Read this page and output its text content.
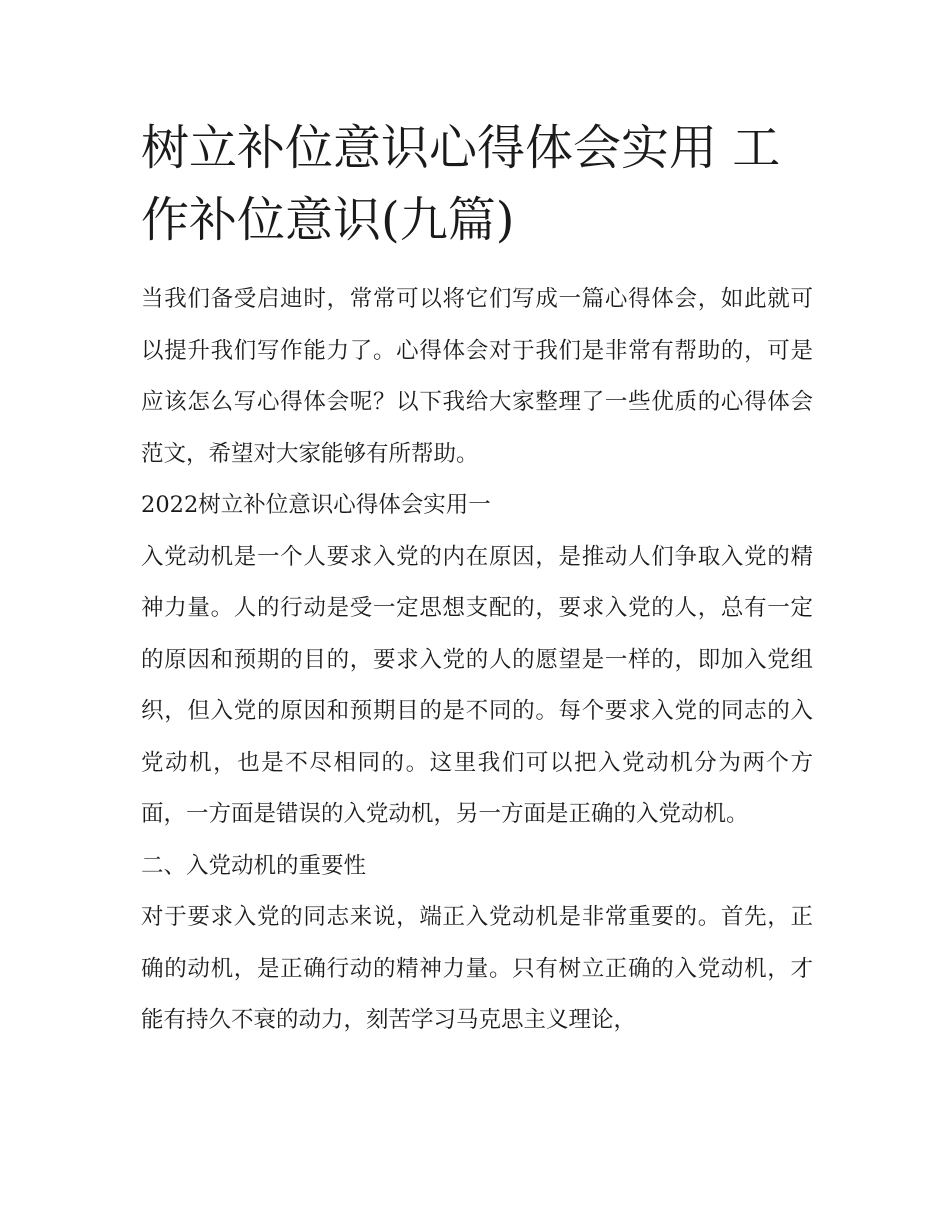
树立补位意识心得体会实用 工作补位意识(九篇)

当我们备受启迪时，常常可以将它们写成一篇心得体会，如此就可以提升我们写作能力了。心得体会对于我们是非常有帮助的，可是应该怎么写心得体会呢？以下我给大家整理了一些优质的心得体会范文，希望对大家能够有所帮助。

2022树立补位意识心得体会实用一

入党动机是一个人要求入党的内在原因，是推动人们争取入党的精神力量。人的行动是受一定思想支配的，要求入党的人，总有一定的原因和预期的目的，要求入党的人的愿望是一样的，即加入党组织，但入党的原因和预期目的是不同的。每个要求入党的同志的入党动机，也是不尽相同的。这里我们可以把入党动机分为两个方面，一方面是错误的入党动机，另一方面是正确的入党动机。

二、入党动机的重要性

对于要求入党的同志来说，端正入党动机是非常重要的。首先，正确的动机，是正确行动的精神力量。只有树立正确的入党动机，才能有持久不衰的动力，刻苦学习马克思主义理论，
